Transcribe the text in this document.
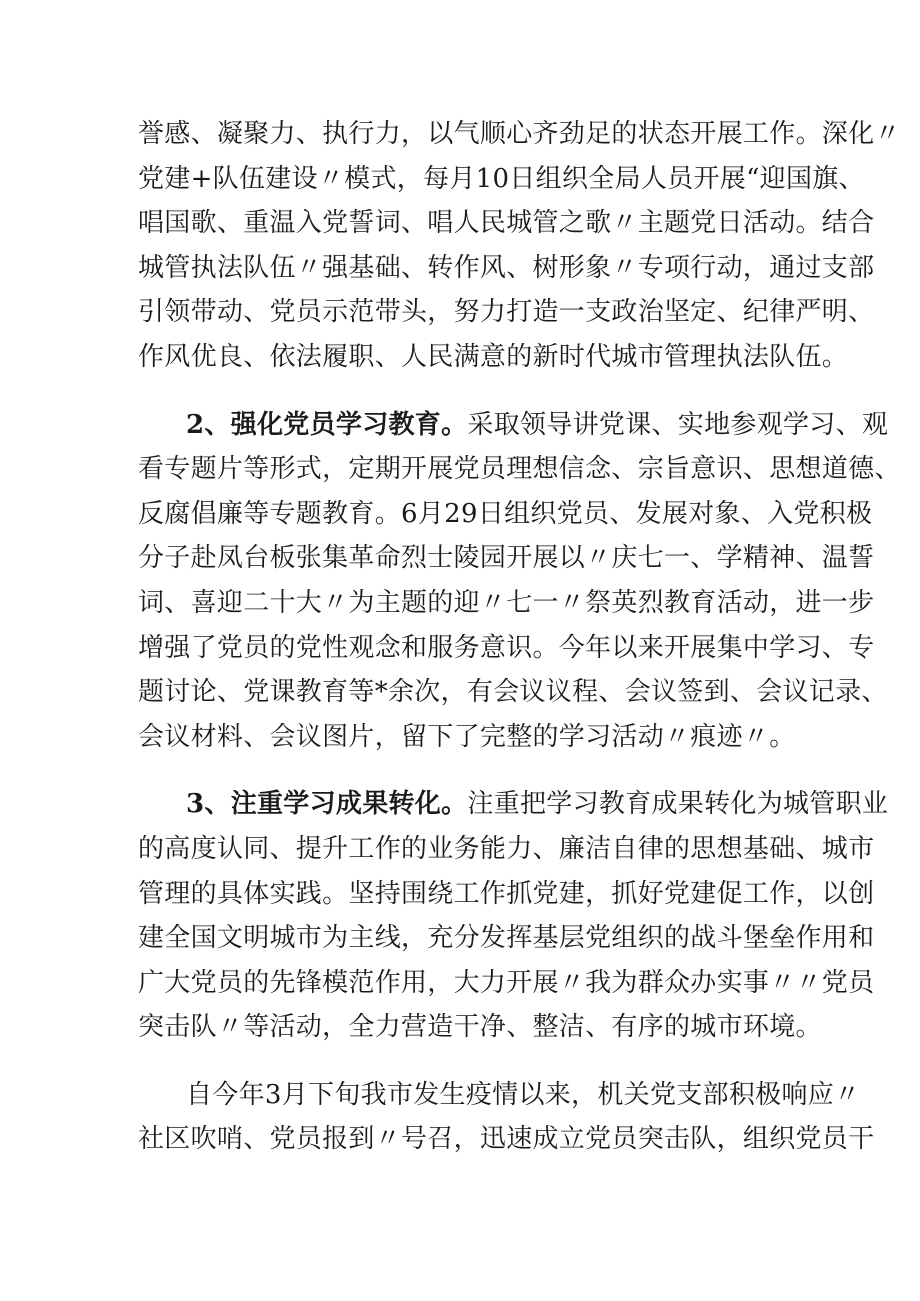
誉感、凝聚力、执行力，以气顺心齐劲足的状态开展工作。深化〃
党建+队伍建设〃模式，每月10日组织全局人员开展“迎国旗、
唱国歌、重温入党誓词、唱人民城管之歌〃主题党日活动。结合
城管执法队伍〃强基础、转作风、树形象〃专项行动，通过支部
引领带动、党员示范带头，努力打造一支政治坚定、纪律严明、
作风优良、依法履职、人民满意的新时代城市管理执法队伍。
2、强化党员学习教育。采取领导讲党课、实地参观学习、观
看专题片等形式，定期开展党员理想信念、宗旨意识、思想道德、
反腐倡廉等专题教育。6月29日组织党员、发展对象、入党积极
分子赴凤台板张集革命烈士陵园开展以〃庆七一、学精神、温誓
词、喜迎二十大〃为主题的迎〃七一〃祭英烈教育活动，进一步
增强了党员的党性观念和服务意识。今年以来开展集中学习、专
题讨论、党课教育等*余次，有会议议程、会议签到、会议记录、
会议材料、会议图片，留下了完整的学习活动〃痕迹〃。
3、注重学习成果转化。注重把学习教育成果转化为城管职业
的高度认同、提升工作的业务能力、廉洁自律的思想基础、城市
管理的具体实践。坚持围绕工作抓党建，抓好党建促工作，以创
建全国文明城市为主线，充分发挥基层党组织的战斗堡垒作用和
广大党员的先锋模范作用，大力开展〃我为群众办实事〃〃党员
突击队〃等活动，全力营造干净、整洁、有序的城市环境。
自今年3月下旬我市发生疫情以来，机关党支部积极响应〃
社区吹哨、党员报到〃号召，迅速成立党员突击队，组织党员干
